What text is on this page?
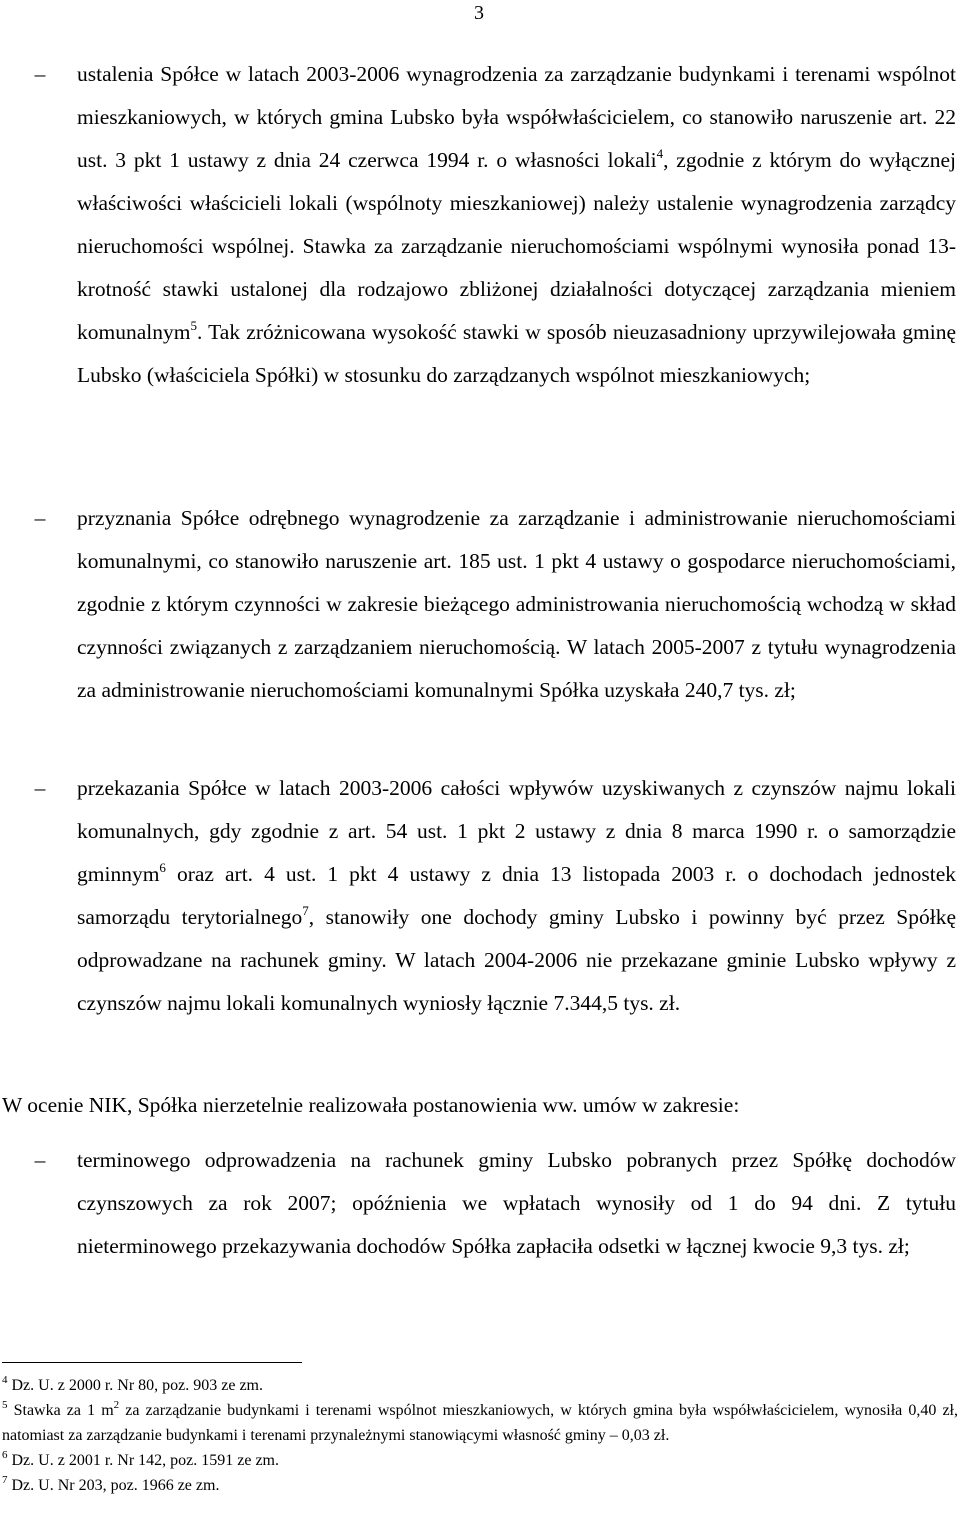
3
–	ustalenia Spółce w latach 2003-2006 wynagrodzenia za zarządzanie budynkami i terenami wspólnot mieszkaniowych, w których gmina Lubsko była współwłaścicielem, co stanowiło naruszenie art. 22 ust. 3 pkt 1 ustawy z dnia 24 czerwca 1994 r. o własności lokali$^4$, zgodnie z którym do wyłącznej właściwości właścicieli lokali (wspólnoty mieszkaniowej) należy ustalenie wynagrodzenia zarządcy nieruchomości wspólnej. Stawka za zarządzanie nieruchomościami wspólnymi wynosiła ponad 13-krotność stawki ustalonej dla rodzajowo zbliżonej działalności dotyczącej zarządzania mieniem komunalnym$^5$. Tak zróżnicowana wysokość stawki w sposób nieuzasadniony uprzywilejowała gminę Lubsko (właściciela Spółki) w stosunku do zarządzanych wspólnot mieszkaniowych;

–	przyznania Spółce odrębnego wynagrodzenie za zarządzanie i administrowanie nieruchomościami komunalnymi, co stanowiło naruszenie art. 185 ust. 1 pkt 4 ustawy o gospodarce nieruchomościami, zgodnie z którym czynności w zakresie bieżącego administrowania nieruchomością wchodzą w skład czynności związanych z zarządzaniem nieruchomością. W latach 2005-2007 z tytułu wynagrodzenia za administrowanie nieruchomościami komunalnymi Spółka uzyskała 240,7 tys. zł;

–	przekazania Spółce w latach 2003-2006 całości wpływów uzyskiwanych z czynszów najmu lokali komunalnych, gdy zgodnie z art. 54 ust. 1 pkt 2 ustawy z dnia 8 marca 1990 r. o samorządzie gminnym$^6$ oraz art. 4 ust. 1 pkt 4 ustawy z dnia 13 listopada 2003 r. o dochodach jednostek samorządu terytorialnego$^7$, stanowiły one dochody gminy Lubsko i powinny być przez Spółkę odprowadzane na rachunek gminy. W latach 2004-2006 nie przekazane gminie Lubsko wpływy z czynszów najmu lokali komunalnych wyniosły łącznie 7.344,5 tys. zł.

W ocenie NIK, Spółka nierzetelnie realizowała postanowienia ww. umów w zakresie:

–	terminowego odprowadzenia na rachunek gminy Lubsko pobranych przez Spółkę dochodów czynszowych za rok 2007; opóźnienia we wpłatach wynosiły od 1 do 94 dni. Z tytułu nieterminowego przekazywania dochodów Spółka zapłaciła odsetki w łącznej kwocie 9,3 tys. zł;

$^4$ Dz. U. z 2000 r. Nr 80, poz. 903 ze zm.

$^5$ Stawka za 1 $m^2$ za zarządzanie budynkami i terenami wspólnot mieszkaniowych, w których gmina była współwłaścicielem, wynosiła 0,40 zł, natomiast za zarządzanie budynkami i terenami przynależnymi stanowiącymi własność gminy – 0,03 zł.

$^6$ Dz. U. z 2001 r. Nr 142, poz. 1591 ze zm.

$^7$ Dz. U. Nr 203, poz. 1966 ze zm.
